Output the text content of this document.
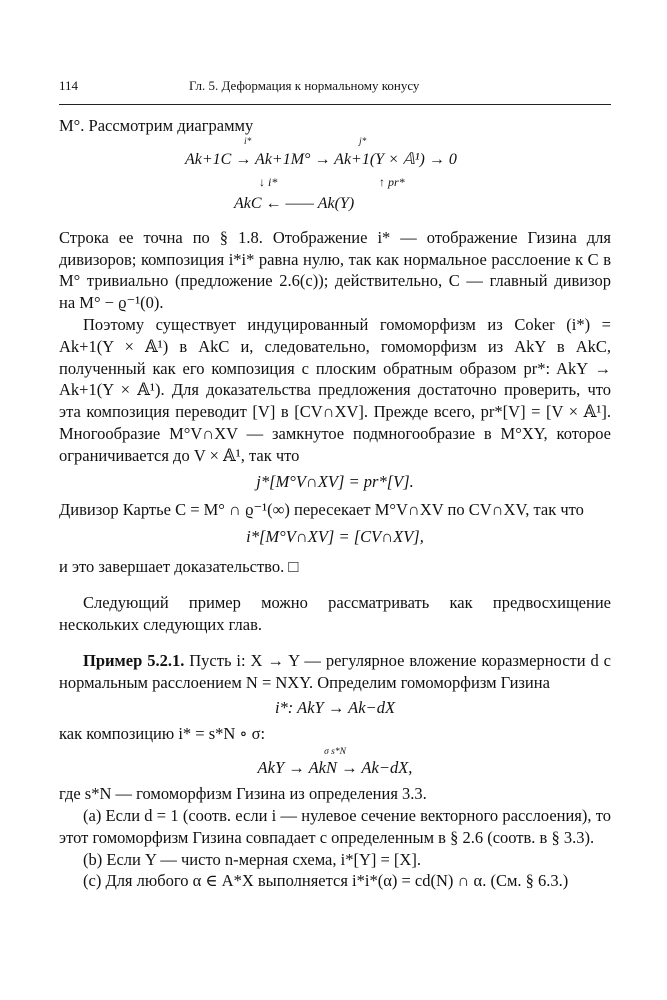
114	Гл. 5. Деформация к нормальному конусу

M°. Рассмотрим диаграмму

i*	j*
Ak+1C → Ak+1M° → Ak+1(Y × 𝔸¹) → 0
↓ i*	↑ pr*
AkC ← —— Ak(Y)

Строка ее точна по § 1.8. Отображение i* — отображение Гизина для дивизоров; композиция i*i* равна нулю, так как нормальное расслоение к C в M° тривиально (предложение 2.6(c)); действительно, C — главный дивизор на M° − ϱ⁻¹(0).

Поэтому существует индуцированный гомоморфизм из Coker (i*) = Ak+1(Y × 𝔸¹) в AkC и, следовательно, гомоморфизм из AkY в AkC, полученный как его композиция с плоским обратным образом pr*: AkY → Ak+1(Y × 𝔸¹). Для доказательства предложения достаточно проверить, что эта композиция переводит [V] в [CV∩XV]. Прежде всего, pr*[V] = [V × 𝔸¹]. Многообразие M°V∩XV — замкнутое подмногообразие в M°XY, которое ограничивается до V × 𝔸¹, так что

j*[M°V∩XV] = pr*[V].

Дивизор Картье C = M° ∩ ϱ⁻¹(∞) пересекает M°V∩XV по CV∩XV, так что

i*[M°V∩XV] = [CV∩XV],

и это завершает доказательство. □

Следующий пример можно рассматривать как предвосхищение нескольких следующих глав.

Пример 5.2.1. Пусть i: X → Y — регулярное вложение коразмерности d с нормальным расслоением N = NXY. Определим гомоморфизм Гизина

i*: AkY → Ak−dX

как композицию i* = s*N ∘ σ:

σ s*N
AkY → AkN → Ak−dX,

где s*N — гомоморфизм Гизина из определения 3.3.

(a) Если d = 1 (соотв. если i — нулевое сечение векторного расслоения), то этот гомоморфизм Гизина совпадает с определенным в § 2.6 (соотв. в § 3.3).

(b) Если Y — чисто n-мерная схема, i*[Y] = [X].

(c) Для любого α ∈ A*X выполняется i*i*(α) = cd(N) ∩ α. (См. § 6.3.)
